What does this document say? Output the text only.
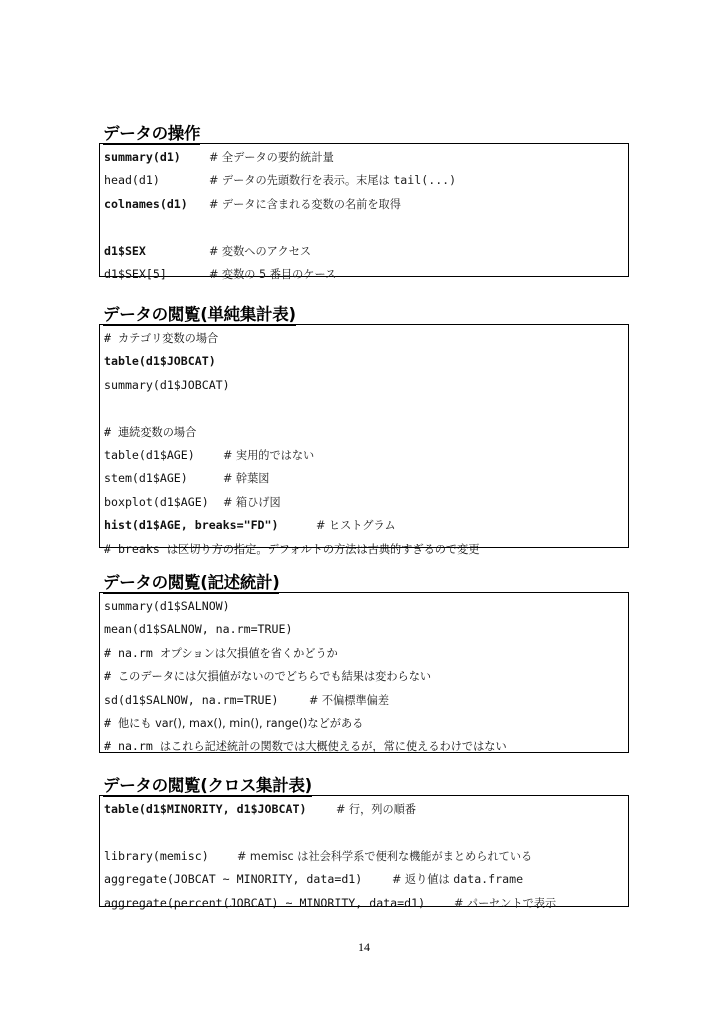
データの操作
summary(d1)	# 全データの要約統計量
head(d1)	# データの先頭数行を表示。末尾は tail(...)
colnames(d1) # データに含まれる変数の名前を取得
d1$SEX	# 変数へのアクセス
d1$SEX[5]	# 変数の 5 番目のケース
データの閲覧(単純集計表)
# カテゴリ変数の場合
table(d1$JOBCAT)
summary(d1$JOBCAT)
# 連続変数の場合
table(d1$AGE)	# 実用的ではない
stem(d1$AGE)	# 幹葉図
boxplot(d1$AGE) # 箱ひげ図
hist(d1$AGE, breaks="FD")	# ヒストグラム
# breaks は区切り方の指定。デフォルトの方法は古典的すぎるので変更
データの閲覧(記述統計)
summary(d1$SALNOW)
mean(d1$SALNOW, na.rm=TRUE)
# na.rm オプションは欠損値を省くかどうか
# このデータには欠損値がないのでどちらでも結果は変わらない
sd(d1$SALNOW, na.rm=TRUE)	# 不偏標準偏差
# 他にも var(), max(), min(), range()などがある
# na.rm はこれら記述統計の関数では大概使えるが，常に使えるわけではない
データの閲覧(クロス集計表)
table(d1$MINORITY, d1$JOBCAT)	# 行，列の順番
library(memisc)	# memisc は社会科学系で便利な機能がまとめられている
aggregate(JOBCAT ~ MINORITY, data=d1)	# 返り値は data.frame
aggregate(percent(JOBCAT) ~ MINORITY, data=d1)	# パーセントで表示
14
